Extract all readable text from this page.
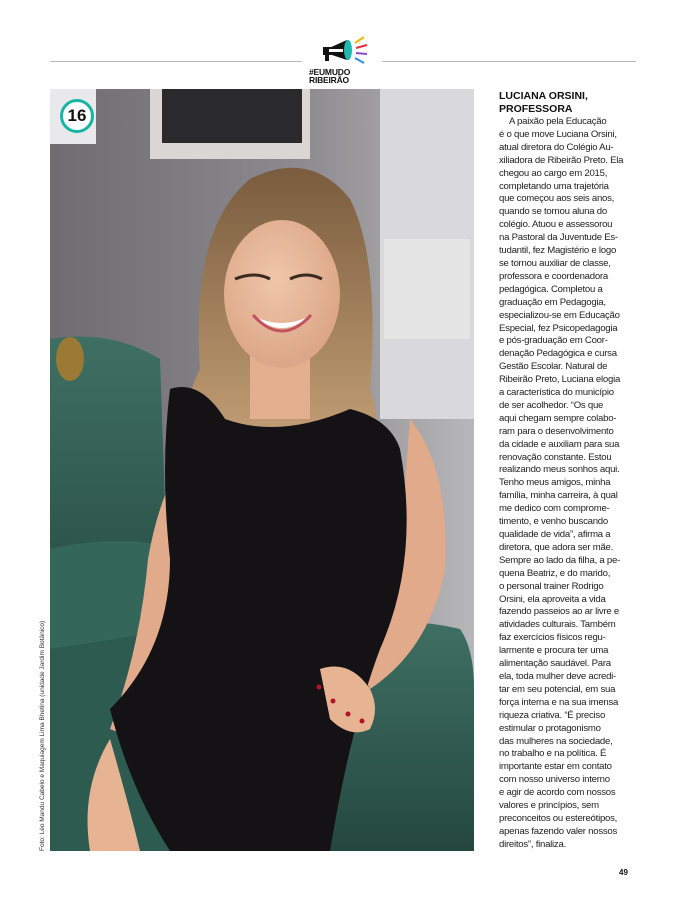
#EUMUDO
RIBEIRÃO
16
Foto: Léo Mandu Cabelo e Maquiagem Lima Bhetina (unidade Jardim Botânico)

LUCIANA ORSINI,
PROFESSORA

A paixão pela Educação
é o que move Luciana Orsini,
atual diretora do Colégio Au-
xiliadora de Ribeirão Preto. Ela
chegou ao cargo em 2015,
completando uma trajetória
que começou aos seis anos,
quando se tornou aluna do
colégio. Atuou e assessorou
na Pastoral da Juventude Es-
tudantil, fez Magistério e logo
se tornou auxiliar de classe,
professora e coordenadora
pedagógica. Completou a
graduação em Pedagogia,
especializou-se em Educação
Especial, fez Psicopedagogia
e pós-graduação em Coor-
denação Pedagógica e cursa
Gestão Escolar. Natural de
Ribeirão Preto, Luciana elogia
a característica do município
de ser acolhedor. “Os que
aqui chegam sempre colabo-
ram para o desenvolvimento
da cidade e auxiliam para sua
renovação constante. Estou
realizando meus sonhos aqui.
Tenho meus amigos, minha
família, minha carreira, à qual
me dedico com comprome-
timento, e venho buscando
qualidade de vida”, afirma a
diretora, que adora ser mãe.
Sempre ao lado da filha, a pe-
quena Beatriz, e do marido,
o personal trainer Rodrigo
Orsini, ela aproveita a vida
fazendo passeios ao ar livre e
atividades culturais. Também
faz exercícios físicos regu-
larmente e procura ter uma
alimentação saudável. Para
ela, toda mulher deve acredi-
tar em seu potencial, em sua
força interna e na sua imensa
riqueza criativa. “É preciso
estimular o protagonismo
das mulheres na sociedade,
no trabalho e na política. É
importante estar em contato
com nosso universo interno
e agir de acordo com nossos
valores e princípios, sem
preconceitos ou estereótipos,
apenas fazendo valer nossos
direitos”, finaliza.

49
